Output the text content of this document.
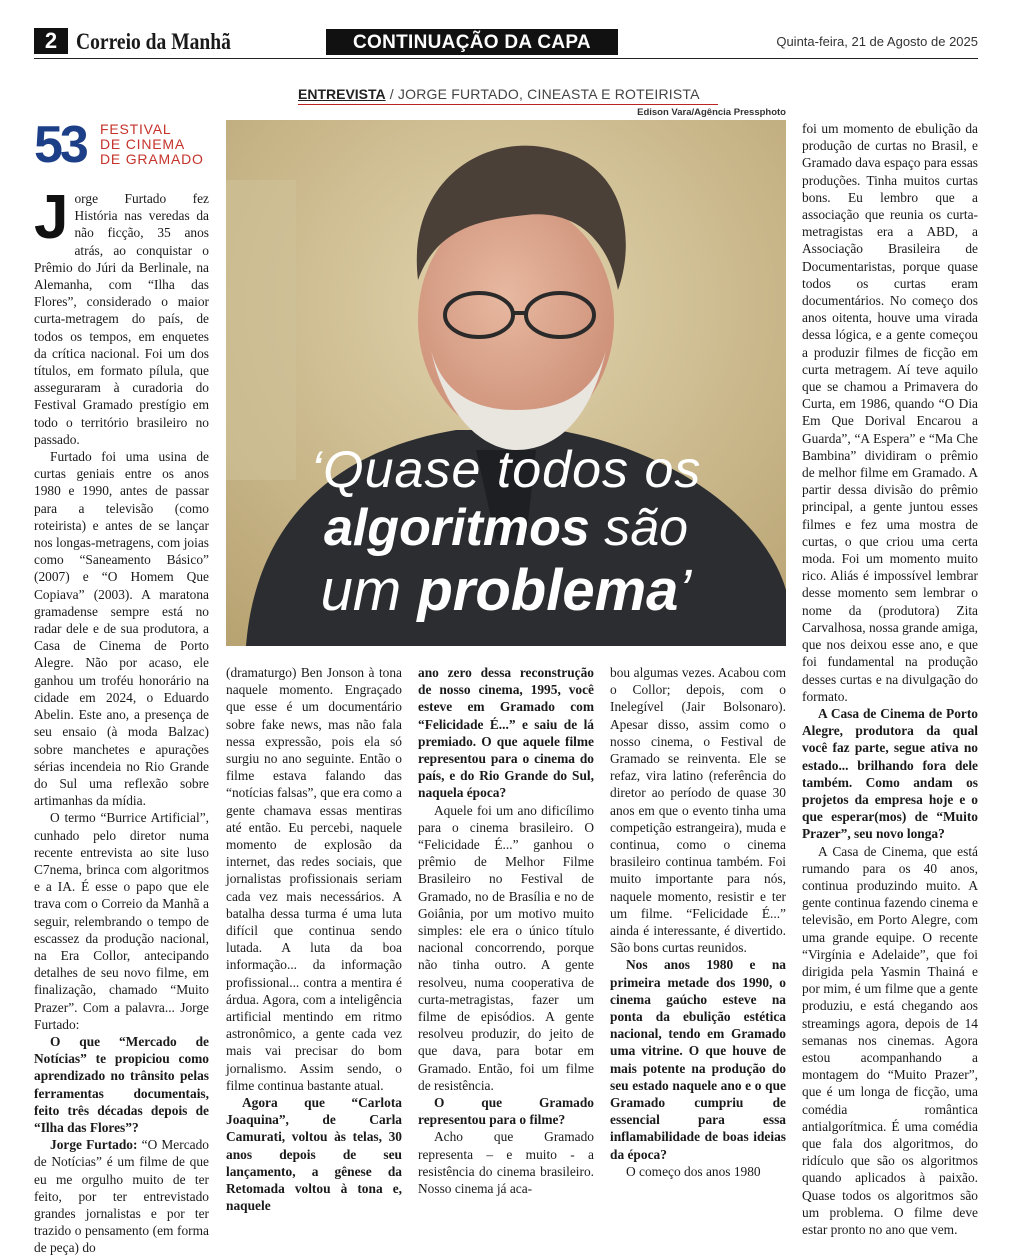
2 Correio da Manhã	CONTINUAÇÃO DA CAPA	Quinta-feira, 21 de Agosto de 2025
ENTREVISTA / JORGE FURTADO, CINEASTA E ROTEIRISTA
Edison Vara/Agência Pressphoto
53 FESTIVAL
DE CINEMA
DE GRAMADO
‘Quase todos os
algoritmos são
um problema’

Jorge Furtado fez História nas veredas da não ficção, 35 anos atrás, ao conquistar o Prêmio do Júri da Berlinale, na Alemanha, com “Ilha das Flores”, considerado o maior curta-metragem do país, de todos os tempos, em enquetes da crítica nacional. Foi um dos títulos, em formato pílula, que asseguraram à curadoria do Festival Gramado prestígio em todo o território brasileiro no passado.

Furtado foi uma usina de curtas geniais entre os anos 1980 e 1990, antes de passar para a televisão (como roteirista) e antes de se lançar nos longas-metragens, com joias como “Saneamento Básico” (2007) e “O Homem Que Copiava” (2003). A maratona gramadense sempre está no radar dele e de sua produtora, a Casa de Cinema de Porto Alegre. Não por acaso, ele ganhou um troféu honorário na cidade em 2024, o Eduardo Abelin. Este ano, a presença de seu ensaio (à moda Balzac) sobre manchetes e apurações sérias incendeia no Rio Grande do Sul uma reflexão sobre artimanhas da mídia.

O termo “Burrice Artificial”, cunhado pelo diretor numa recente entrevista ao site luso C7nema, brinca com algoritmos e a IA. É esse o papo que ele trava com o Correio da Manhã a seguir, relembrando o tempo de escassez da produção nacional, na Era Collor, antecipando detalhes de seu novo filme, em finalização, chamado “Muito Prazer”. Com a palavra... Jorge Furtado:

O que “Mercado de Notícias” te propiciou como aprendizado no trânsito pelas ferramentas documentais, feito três décadas depois de “Ilha das Flores”?

Jorge Furtado: “O Mercado de Notícias” é um filme de que eu me orgulho muito de ter feito, por ter entrevistado grandes jornalistas e por ter trazido o pensamento (em forma de peça) do

(dramaturgo) Ben Jonson à tona naquele momento. Engraçado que esse é um documentário sobre fake news, mas não fala nessa expressão, pois ela só surgiu no ano seguinte. Então o filme estava falando das “notícias falsas”, que era como a gente chamava essas mentiras até então. Eu percebi, naquele momento de explosão da internet, das redes sociais, que jornalistas profissionais seriam cada vez mais necessários. A batalha dessa turma é uma luta difícil que continua sendo lutada. A luta da boa informação... da informação profissional... contra a mentira é árdua. Agora, com a inteligência artificial mentindo em ritmo astronômico, a gente cada vez mais vai precisar do bom jornalismo. Assim sendo, o filme continua bastante atual.

Agora que “Carlota Joaquina”, de Carla Camurati, voltou às telas, 30 anos depois de seu lançamento, a gênese da Retomada voltou à tona e, naquele

ano zero dessa reconstrução de nosso cinema, 1995, você esteve em Gramado com “Felicidade É...” e saiu de lá premiado. O que aquele filme representou para o cinema do país, e do Rio Grande do Sul, naquela época?

Aquele foi um ano dificílimo para o cinema brasileiro. O “Felicidade É...” ganhou o prêmio de Melhor Filme Brasileiro no Festival de Gramado, no de Brasília e no de Goiânia, por um motivo muito simples: ele era o único título nacional concorrendo, porque não tinha outro. A gente resolveu, numa cooperativa de curta-metragistas, fazer um filme de episódios. A gente resolveu produzir, do jeito de que dava, para botar em Gramado. Então, foi um filme de resistência.

O que Gramado representou para o filme?

Acho que Gramado representa – e muito - a resistência do cinema brasileiro. Nosso cinema já aca-

bou algumas vezes. Acabou com o Collor; depois, com o Inelegível (Jair Bolsonaro). Apesar disso, assim como o nosso cinema, o Festival de Gramado se reinventa. Ele se refaz, vira latino (referência do diretor ao período de quase 30 anos em que o evento tinha uma competição estrangeira), muda e continua, como o cinema brasileiro continua também. Foi muito importante para nós, naquele momento, resistir e ter um filme. “Felicidade É...” ainda é interessante, é divertido. São bons curtas reunidos.

Nos anos 1980 e na primeira metade dos 1990, o cinema gaúcho esteve na ponta da ebulição estética nacional, tendo em Gramado uma vitrine. O que houve de mais potente na produção do seu estado naquele ano e o que Gramado cumpriu de essencial para essa inflamabilidade de boas ideias da época?

O começo dos anos 1980

foi um momento de ebulição da produção de curtas no Brasil, e Gramado dava espaço para essas produções. Tinha muitos curtas bons. Eu lembro que a associação que reunia os curta-metragistas era a ABD, a Associação Brasileira de Documentaristas, porque quase todos os curtas eram documentários. No começo dos anos oitenta, houve uma virada dessa lógica, e a gente começou a produzir filmes de ficção em curta metragem. Aí teve aquilo que se chamou a Primavera do Curta, em 1986, quando “O Dia Em Que Dorival Encarou a Guarda”, “A Espera” e “Ma Che Bambina” dividiram o prêmio de melhor filme em Gramado. A partir dessa divisão do prêmio principal, a gente juntou esses filmes e fez uma mostra de curtas, o que criou uma certa moda. Foi um momento muito rico. Aliás é impossível lembrar desse momento sem lembrar o nome da (produtora) Zita Carvalhosa, nossa grande amiga, que nos deixou esse ano, e que foi fundamental na produção desses curtas e na divulgação do formato.

A Casa de Cinema de Porto Alegre, produtora da qual você faz parte, segue ativa no estado... brilhando fora dele também. Como andam os projetos da empresa hoje e o que esperar(mos) de “Muito Prazer”, seu novo longa?

A Casa de Cinema, que está rumando para os 40 anos, continua produzindo muito. A gente continua fazendo cinema e televisão, em Porto Alegre, com uma grande equipe. O recente “Virgínia e Adelaide”, que foi dirigida pela Yasmin Thainá e por mim, é um filme que a gente produziu, e está chegando aos streamings agora, depois de 14 semanas nos cinemas. Agora estou acompanhando a montagem do “Muito Prazer”, que é um longa de ficção, uma comédia romântica antialgorítmica. É uma comédia que fala dos algoritmos, do ridículo que são os algoritmos quando aplicados à paixão. Quase todos os algoritmos são um problema. O filme deve estar pronto no ano que vem.
